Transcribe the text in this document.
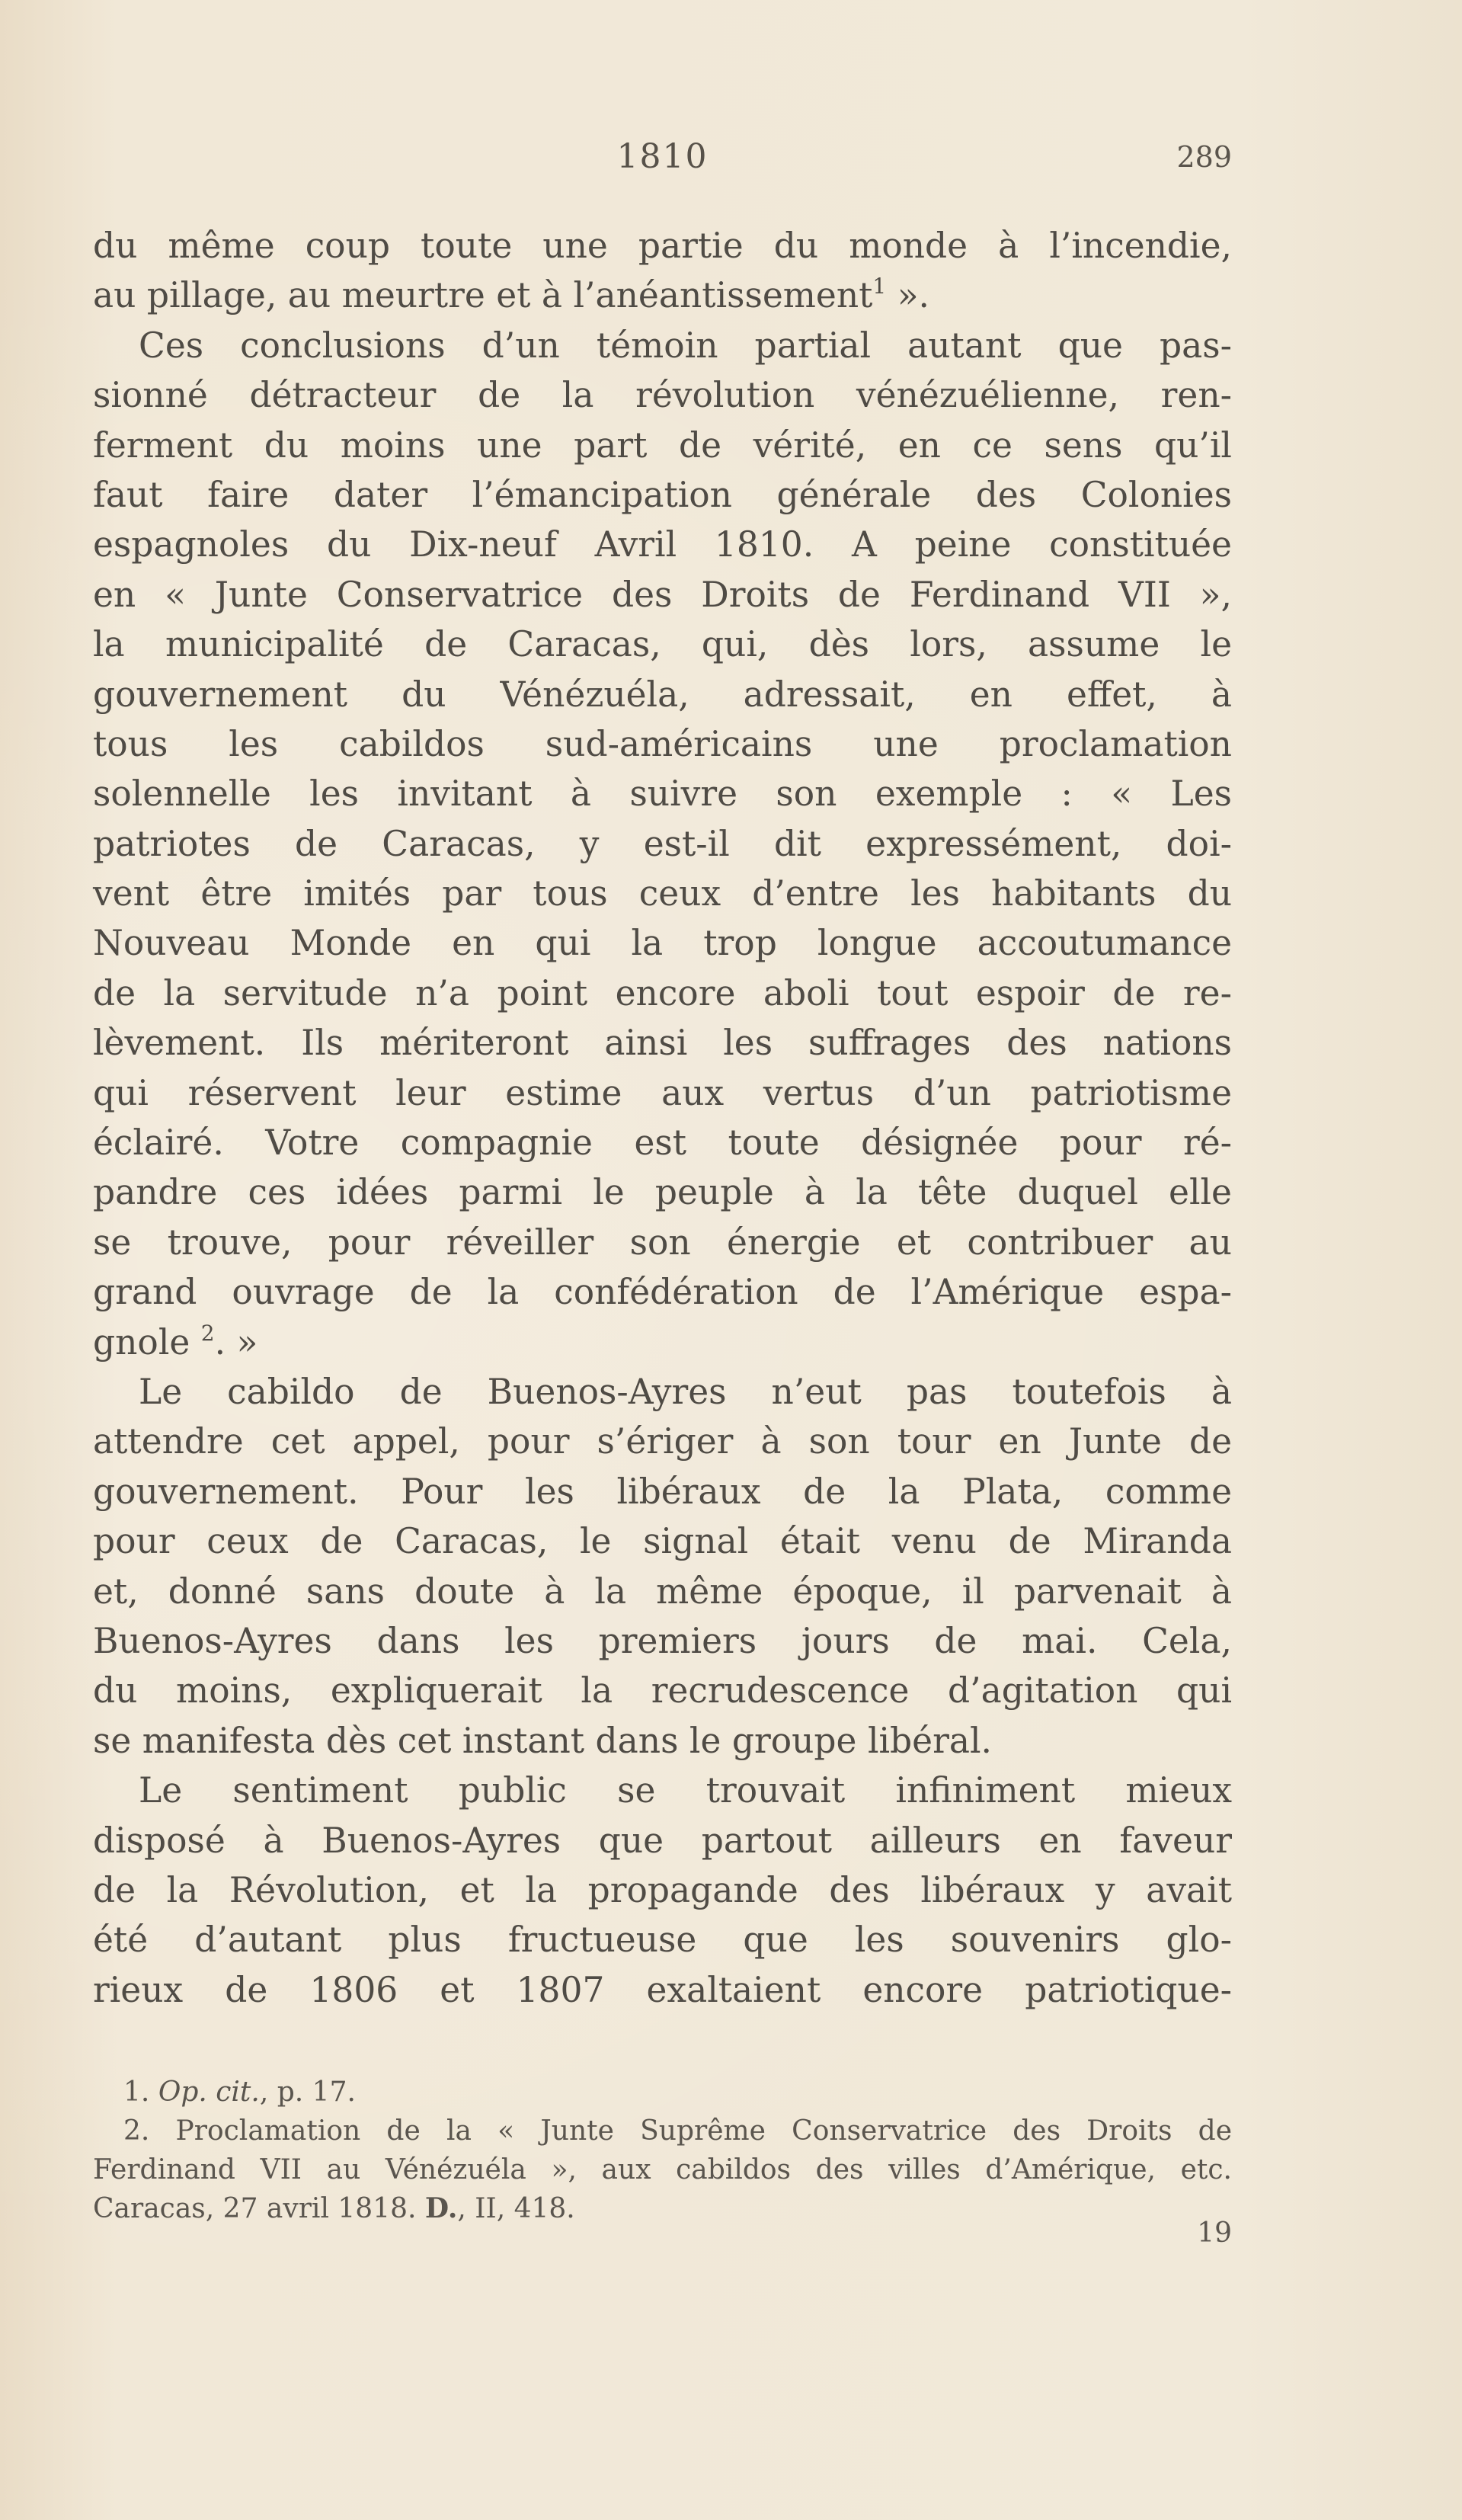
1810	289
du même coup toute une partie du monde à l’incendie,
au pillage, au meurtre et à l’anéantissement$^1$ ».
Ces conclusions d’un témoin partial autant que pas-
sionné détracteur de la révolution vénézuélienne, ren-
ferment du moins une part de vérité, en ce sens qu’il
faut faire dater l’émancipation générale des Colonies
espagnoles du Dix-neuf Avril 1810. A peine constituée
en « Junte Conservatrice des Droits de Ferdinand VII »,
la municipalité de Caracas, qui, dès lors, assume le
gouvernement du Vénézuéla, adressait, en effet, à
tous les cabildos sud-américains une proclamation
solennelle les invitant à suivre son exemple : « Les
patriotes de Caracas, y est-il dit expressément, doi-
vent être imités par tous ceux d’entre les habitants du
Nouveau Monde en qui la trop longue accoutumance
de la servitude n’a point encore aboli tout espoir de re-
lèvement. Ils mériteront ainsi les suffrages des nations
qui réservent leur estime aux vertus d’un patriotisme
éclairé. Votre compagnie est toute désignée pour ré-
pandre ces idées parmi le peuple à la tête duquel elle
se trouve, pour réveiller son énergie et contribuer au
grand ouvrage de la confédération de l’Amérique espa-
gnole $^2$. »
Le cabildo de Buenos-Ayres n’eut pas toutefois à
attendre cet appel, pour s’ériger à son tour en Junte de
gouvernement. Pour les libéraux de la Plata, comme
pour ceux de Caracas, le signal était venu de Miranda
et, donné sans doute à la même époque, il parvenait à
Buenos-Ayres dans les premiers jours de mai. Cela,
du moins, expliquerait la recrudescence d’agitation qui
se manifesta dès cet instant dans le groupe libéral.
Le sentiment public se trouvait infiniment mieux
disposé à Buenos-Ayres que partout ailleurs en faveur
de la Révolution, et la propagande des libéraux y avait
été d’autant plus fructueuse que les souvenirs glo-
rieux de 1806 et 1807 exaltaient encore patriotique-
1. Op. cit., p. 17.
2. Proclamation de la « Junte Suprême Conservatrice des Droits de
Ferdinand VII au Vénézuéla », aux cabildos des villes d’Amérique, etc.
Caracas, 27 avril 1818. D., II, 418.
19
